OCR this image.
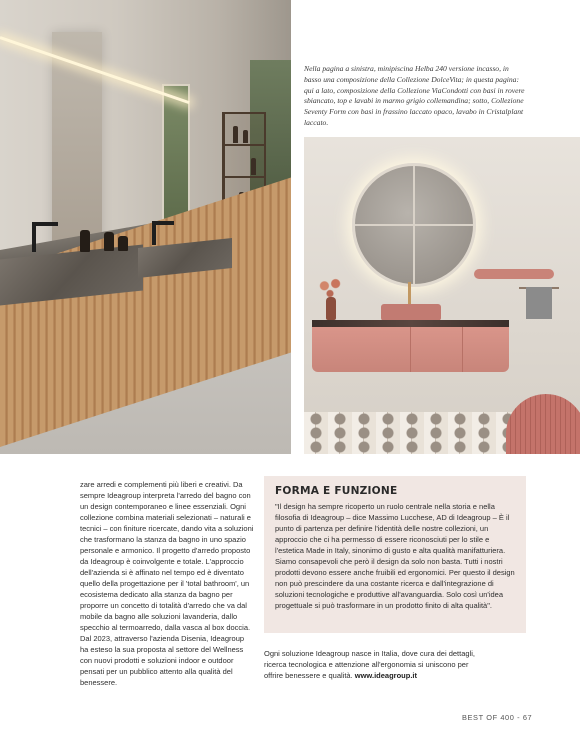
Nella pagina a sinistra, minipiscina Helba 240 versione incasso, in basso una composizione della Collezione DolceVita; in questa pagina: qui a lato, composizione della Collezione ViaCondotti con basi in rovere sbiancato, top e lavabi in marmo grigio collemandina; sotto, Collezione Seventy Form con basi in frassino laccato opaco, lavabo in Cristalplant laccato.

zare arredi e complementi più liberi e creativi. Da sempre Ideagroup interpreta l'arredo del bagno con un design contemporaneo e linee essenziali. Ogni collezione combina materiali selezionati – naturali e tecnici – con finiture ricercate, dando vita a soluzioni che trasformano la stanza da bagno in uno spazio personale e armonico. Il progetto d'arredo proposto da Ideagroup è coinvolgente e totale. L'approccio dell'azienda si è affinato nel tempo ed è diventato quello della progettazione per il 'total bathroom', un ecosistema dedicato alla stanza da bagno per proporre un concetto di totalità d'arredo che va dal mobile da bagno alle soluzioni lavanderia, dallo specchio al termoarredo, dalla vasca al box doccia. Dal 2023, attraverso l'azienda Disenia, Ideagroup ha esteso la sua proposta al settore del Wellness con nuovi prodotti e soluzioni indoor e outdoor pensati per un pubblico attento alla qualità del benessere.

FORMA E FUNZIONE

"Il design ha sempre ricoperto un ruolo centrale nella storia e nella filosofia di Ideagroup – dice Massimo Lucchese, AD di Ideagroup – È il punto di partenza per definire l'identità delle nostre collezioni, un approccio che ci ha permesso di essere riconosciuti per lo stile e l'estetica Made in Italy, sinonimo di gusto e alta qualità manifatturiera. Siamo consapevoli che però il design da solo non basta. Tutti i nostri prodotti devono essere anche fruibili ed ergonomici. Per questo il design non può prescindere da una costante ricerca e dall'integrazione di soluzioni tecnologiche e produttive all'avanguardia. Solo così un'idea progettuale si può trasformare in un prodotto finito di alta qualità".

Ogni soluzione Ideagroup nasce in Italia, dove cura dei dettagli, ricerca tecnologica e attenzione all'ergonomia si uniscono per offrire benessere e qualità. www.ideagroup.it

BEST OF 400 - 67
